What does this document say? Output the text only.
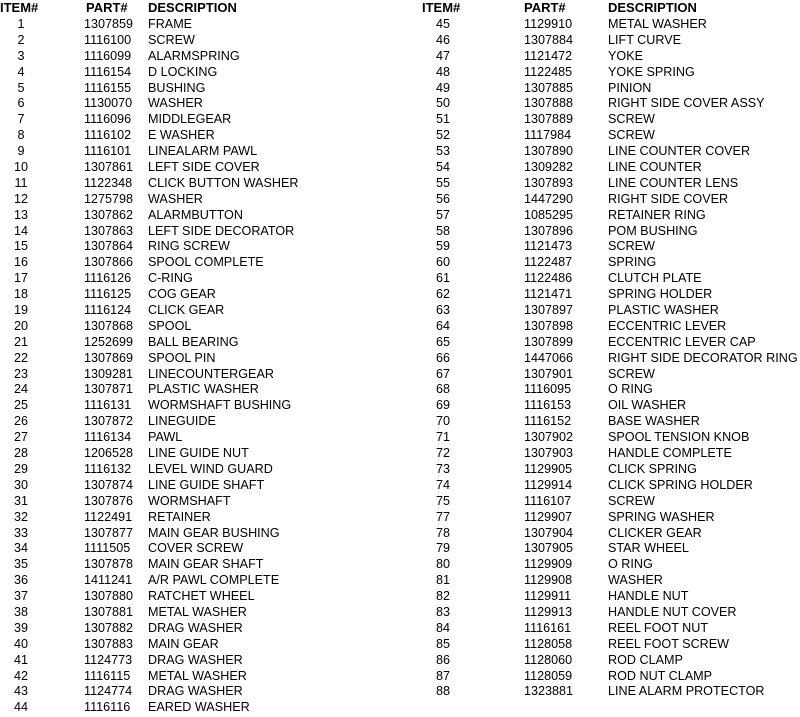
ITEM#	PART# DESCRIPTION
1	1307859 FRAME
2	1116100 SCREW
3	1116099 ALARMSPRING
4	1116154 D LOCKING
5	1116155 BUSHING
6	1130070 WASHER
7	1116096 MIDDLEGEAR
8	1116102 E WASHER
9	1116101 LINEALARM PAWL
10	1307861 LEFT SIDE COVER
11	1122348 CLICK BUTTON WASHER
12	1275798 WASHER
13	1307862 ALARMBUTTON
14	1307863 LEFT SIDE DECORATOR
15	1307864 RING SCREW
16	1307866 SPOOL COMPLETE
17	1116126 C-RING
18	1116125 COG GEAR
19	1116124 CLICK GEAR
20	1307868 SPOOL
21	1252699 BALL BEARING
22	1307869 SPOOL PIN
23	1309281 LINECOUNTERGEAR
24	1307871 PLASTIC WASHER
25	1116131 WORMSHAFT BUSHING
26	1307872 LINEGUIDE
27	1116134 PAWL
28	1206528 LINE GUIDE NUT
29	1116132 LEVEL WIND GUARD
30	1307874 LINE GUIDE SHAFT
31	1307876 WORMSHAFT
32	1122491 RETAINER
33	1307877 MAIN GEAR BUSHING
34	1111505 COVER SCREW
35	1307878 MAIN GEAR SHAFT
36	1411241 A/R PAWL COMPLETE
37	1307880 RATCHET WHEEL
38	1307881 METAL WASHER
39	1307882 DRAG WASHER
40	1307883 MAIN GEAR
41	1124773 DRAG WASHER
42	1116115 METAL WASHER
43	1124774 DRAG WASHER
44	1116116 EARED WASHER
ITEM#	PART#	DESCRIPTION
45	1129910	METAL WASHER
46	1307884	LIFT CURVE
47	1121472	YOKE
48	1122485	YOKE SPRING
49	1307885	PINION
50	1307888	RIGHT SIDE COVER ASSY
51	1307889	SCREW
52	1117984	SCREW
53	1307890	LINE COUNTER COVER
54	1309282	LINE COUNTER
55	1307893	LINE COUNTER LENS
56	1447290	RIGHT SIDE COVER
57	1085295	RETAINER RING
58	1307896	POM BUSHING
59	1121473	SCREW
60	1122487	SPRING
61	1122486	CLUTCH PLATE
62	1121471	SPRING HOLDER
63	1307897	PLASTIC WASHER
64	1307898	ECCENTRIC LEVER
65	1307899	ECCENTRIC LEVER CAP
66	1447066	RIGHT SIDE DECORATOR RING
67	1307901	SCREW
68	1116095	O RING
69	1116153	OIL WASHER
70	1116152	BASE WASHER
71	1307902	SPOOL TENSION KNOB
72	1307903	HANDLE COMPLETE
73	1129905	CLICK SPRING
74	1129914	CLICK SPRING HOLDER
75	1116107	SCREW
77	1129907	SPRING WASHER
78	1307904	CLICKER GEAR
79	1307905	STAR WHEEL
80	1129909	O RING
81	1129908	WASHER
82	1129911	HANDLE NUT
83	1129913	HANDLE NUT COVER
84	1116161	REEL FOOT NUT
85	1128058	REEL FOOT SCREW
86	1128060	ROD CLAMP
87	1128059	ROD NUT CLAMP
88	1323881	LINE ALARM PROTECTOR
